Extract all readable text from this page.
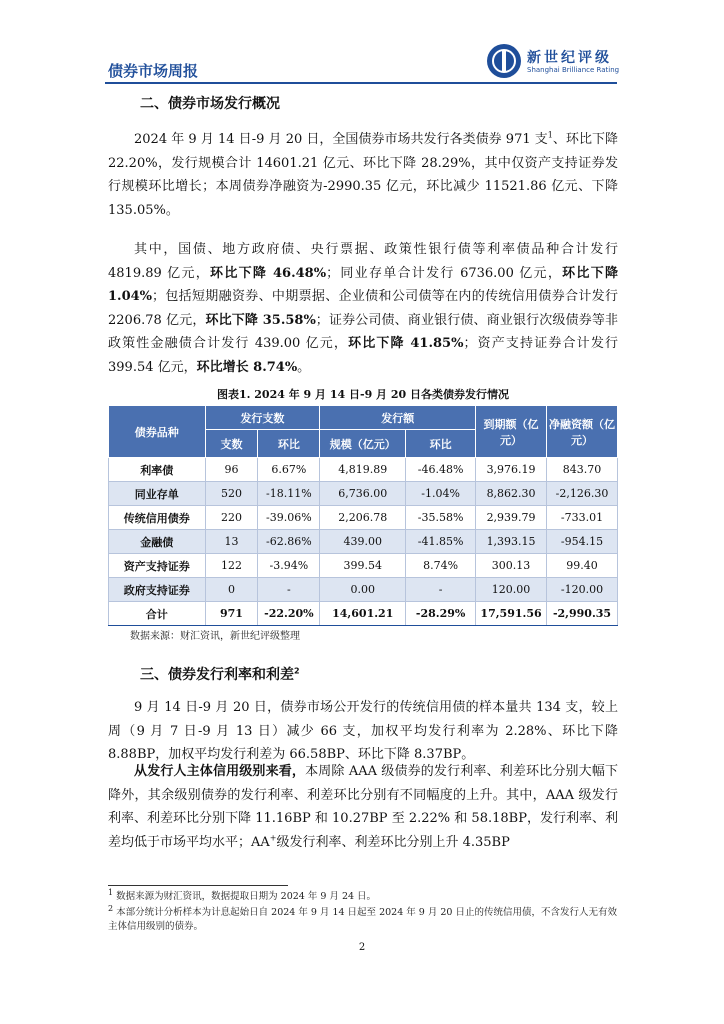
债券市场周报
新世纪评级
Shanghai Brilliance Rating
二、债券市场发行概况
2024 年 9 月 14 日-9 月 20 日，全国债券市场共发行各类债券 971 支$^1$、环比下降 22.20%，发行规模合计 14601.21 亿元、环比下降 28.29%，其中仅资产支持证券发行规模环比增长；本周债券净融资为-2990.35 亿元，环比减少 11521.86 亿元、下降 135.05%。
其中，国债、地方政府债、央行票据、政策性银行债等利率债品种合计发行 4819.89 亿元，环比下降 46.48%；同业存单合计发行 6736.00 亿元，环比下降 1.04%；包括短期融资券、中期票据、企业债和公司债等在内的传统信用债券合计发行 2206.78 亿元，环比下降 35.58%；证券公司债、商业银行债、商业银行次级债券等非政策性金融债合计发行 439.00 亿元，环比下降 41.85%；资产支持证券合计发行 399.54 亿元，环比增长 8.74%。
图表1. 2024 年 9 月 14 日-9 月 20 日各类债券发行情况
债券品种	发行支数		发行额		到期额（亿元）	净融资额（亿元）
	支数	环比	规模（亿元）	环比		
利率债	96	6.67%	4,819.89	-46.48%	3,976.19	843.70
同业存单	520	-18.11%	6,736.00	-1.04%	8,862.30	-2,126.30
传统信用债券	220	-39.06%	2,206.78	-35.58%	2,939.79	-733.01
金融债	13	-62.86%	439.00	-41.85%	1,393.15	-954.15
资产支持证券	122	-3.94%	399.54	8.74%	300.13	99.40
政府支持证券	0	-	0.00	-	120.00	-120.00
合计	971	-22.20%	14,601.21	-28.29%	17,591.56	-2,990.35
数据来源：财汇资讯，新世纪评级整理
三、债券发行利率和利差$^2$
9 月 14 日-9 月 20 日，债券市场公开发行的传统信用债的样本量共 134 支，较上周（9 月 7 日-9 月 13 日）减少 66 支，加权平均发行利率为 2.28%、环比下降 8.88BP，加权平均发行利差为 66.58BP、环比下降 8.37BP。
从发行人主体信用级别来看，本周除 AAA 级债券的发行利率、利差环比分别大幅下降外，其余级别债券的发行利率、利差环比分别有不同幅度的上升。其中，AAA 级发行利率、利差环比分别下降 11.16BP 和 10.27BP 至 2.22% 和 58.18BP，发行利率、利差均低于市场平均水平；AA+级发行利率、利差环比分别上升 4.35BP
$^1$ 数据来源为财汇资讯，数据提取日期为 2024 年 9 月 24 日。
$^2$ 本部分统计分析样本为计息起始日自 2024 年 9 月 14 日起至 2024 年 9 月 20 日止的传统信用债，不含发行人无有效主体信用级别的债券。
2
